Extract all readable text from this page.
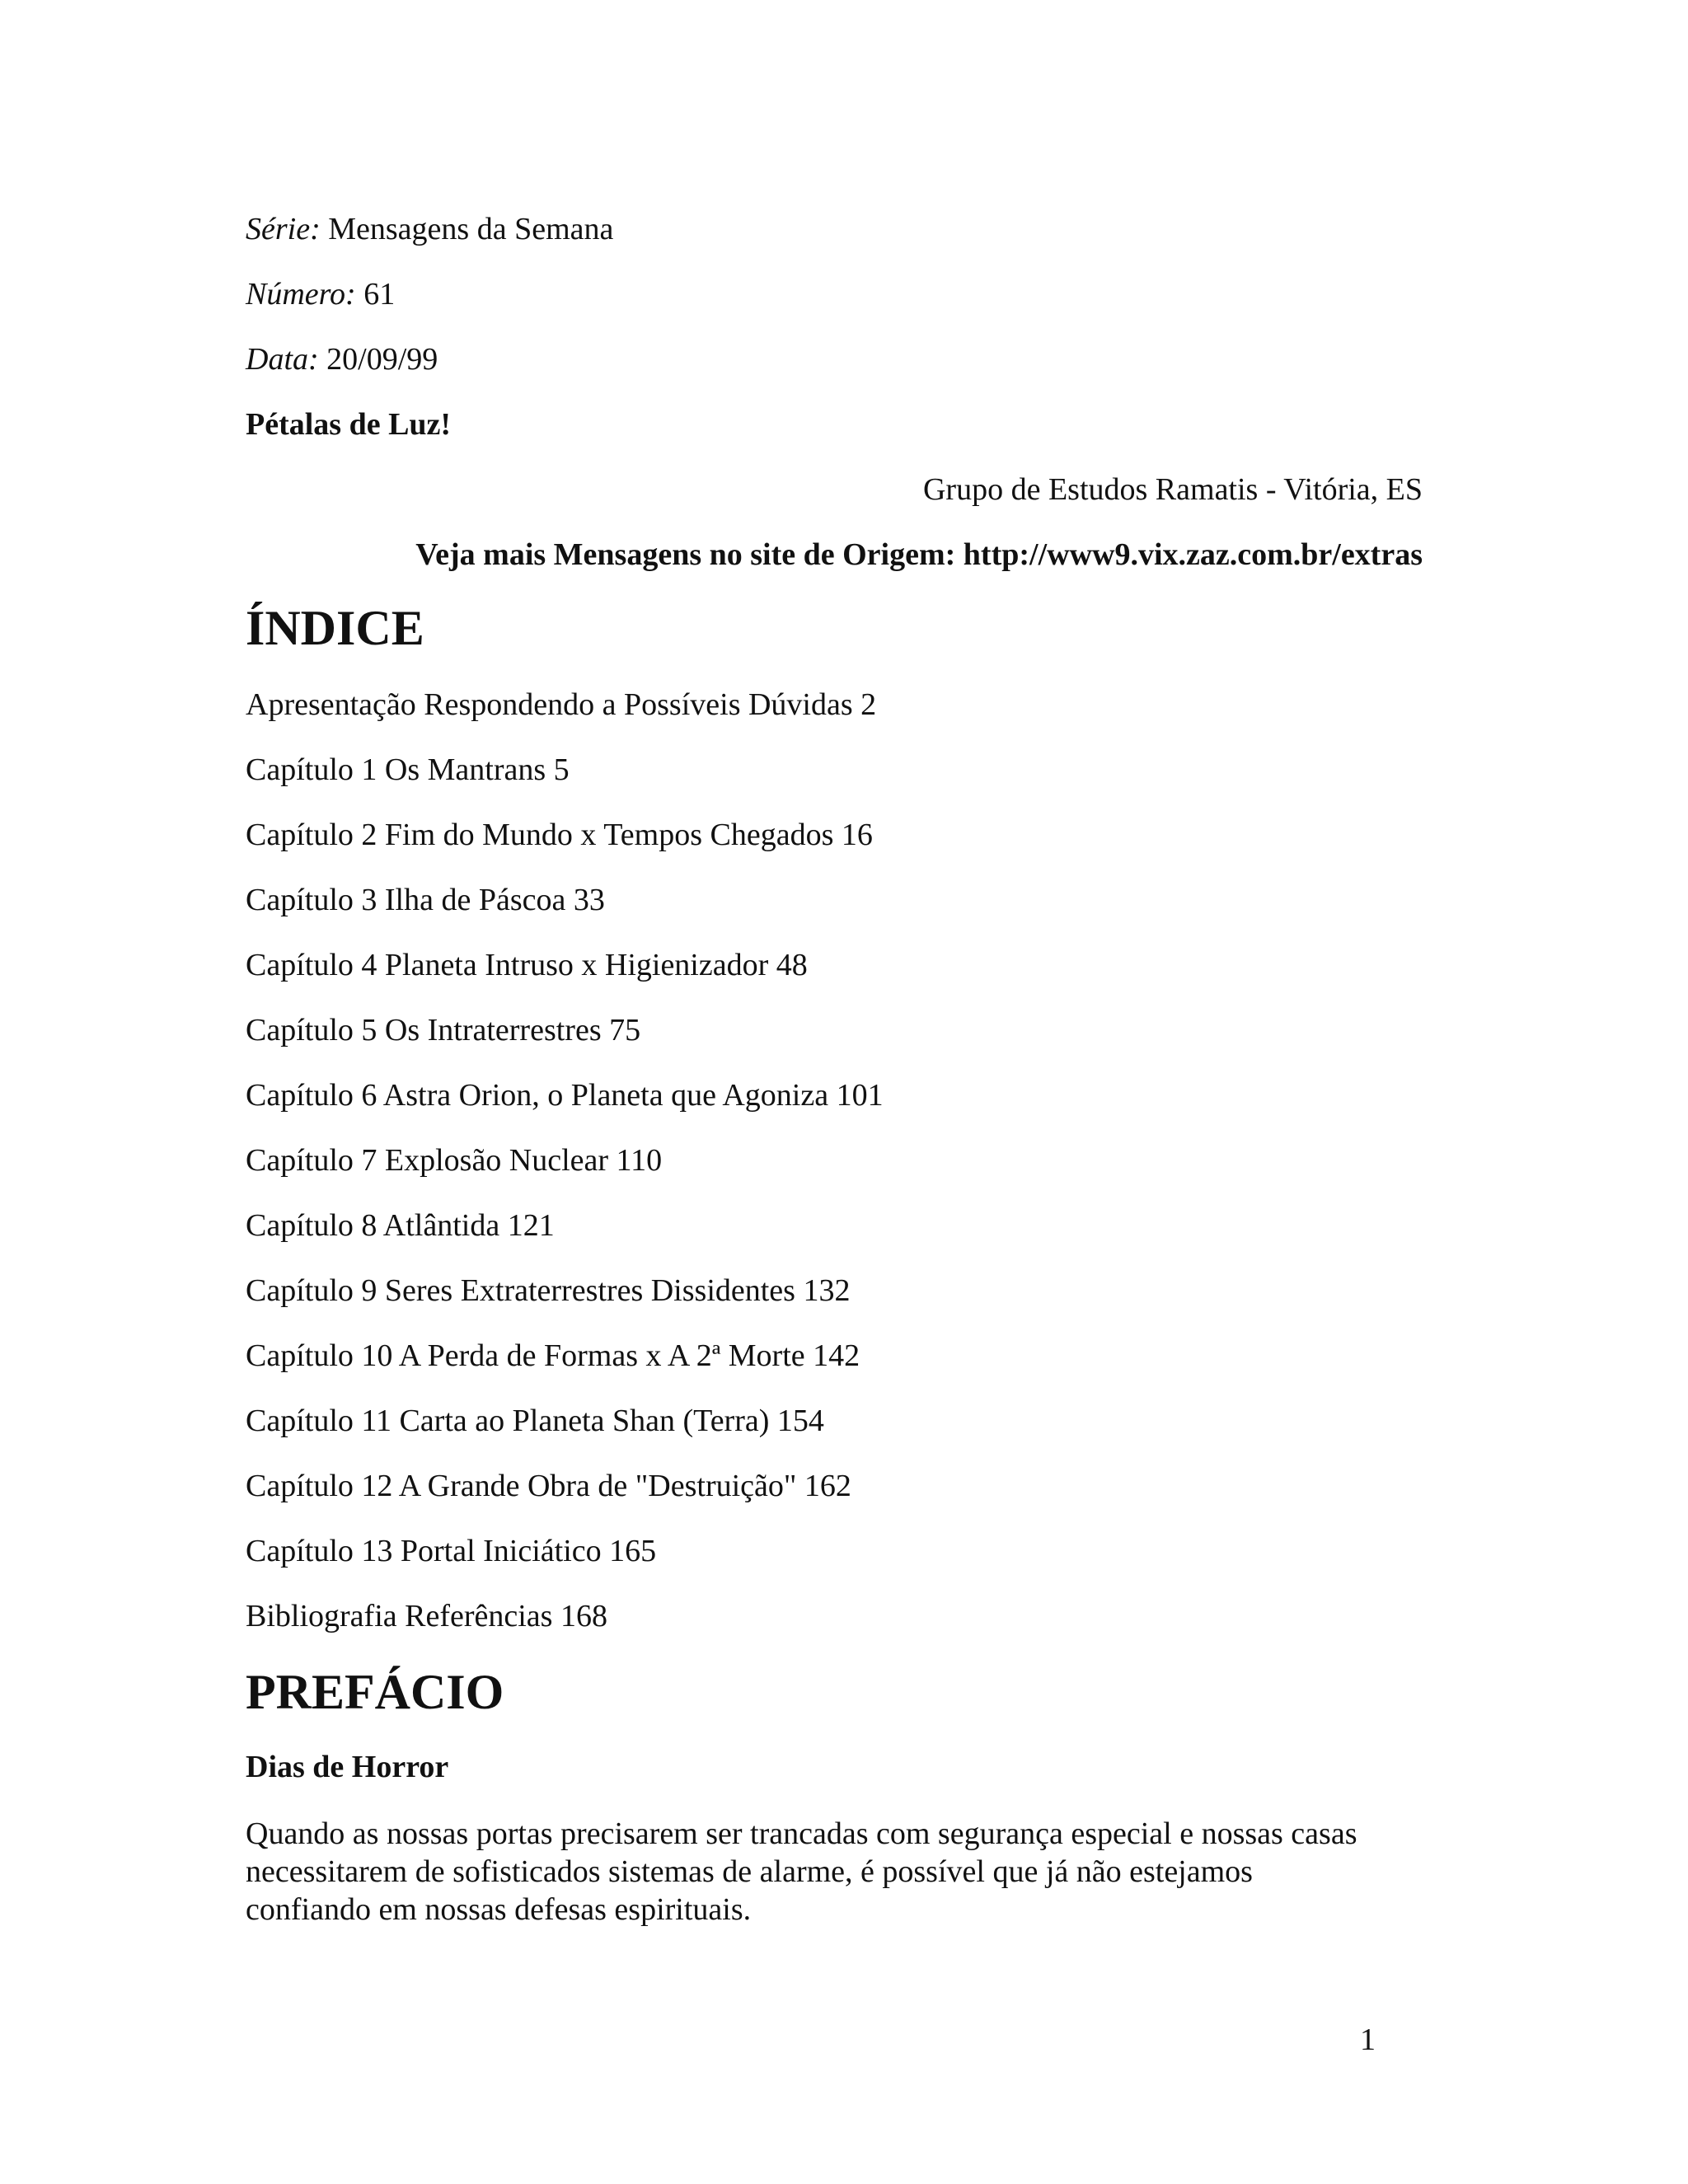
Série: Mensagens da Semana

Número: 61

Data: 20/09/99

Pétalas de Luz!

Grupo de Estudos Ramatis - Vitória, ES

Veja mais Mensagens no site de Origem: http://www9.vix.zaz.com.br/extras

ÍNDICE

Apresentação Respondendo a Possíveis Dúvidas 2

Capítulo 1 Os Mantrans 5

Capítulo 2 Fim do Mundo x Tempos Chegados 16

Capítulo 3 Ilha de Páscoa 33

Capítulo 4 Planeta Intruso x Higienizador 48

Capítulo 5 Os Intraterrestres 75

Capítulo 6 Astra Orion, o Planeta que Agoniza 101

Capítulo 7 Explosão Nuclear 110

Capítulo 8 Atlântida 121

Capítulo 9 Seres Extraterrestres Dissidentes 132

Capítulo 10 A Perda de Formas x A 2ª Morte 142

Capítulo 11 Carta ao Planeta Shan (Terra) 154

Capítulo 12 A Grande Obra de "Destruição" 162

Capítulo 13 Portal Iniciático 165

Bibliografia Referências 168

PREFÁCIO

Dias de Horror

Quando as nossas portas precisarem ser trancadas com segurança especial e nossas casas

necessitarem de sofisticados sistemas de alarme, é possível que já não estejamos

confiando em nossas defesas espirituais.

1
